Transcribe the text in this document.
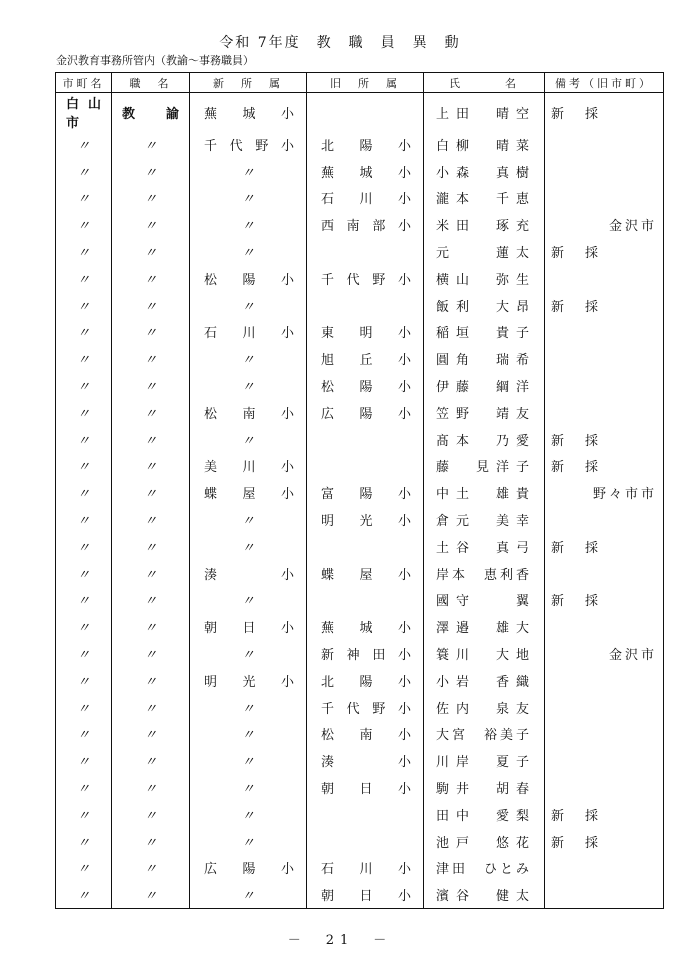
令和 7年度　教　職　員　異　動
金沢教育事務所管内（教諭～事務職員）
市町名	職　名	新　所　属	旧　所　属	氏　　　名	備考（旧市町）
白山市	教　諭	蕪城小		上田　晴空	新　採
〃	〃	千代野小	北陽小	白柳　晴菜	
〃	〃	〃	蕪城小	小森　真樹	
〃	〃	〃	石川小	瀧本　千恵	
〃	〃	〃	西南部小	米田　琢充	金沢市
〃	〃	〃		元　　蓮太	新　採
〃	〃	松陽小	千代野小	横山　弥生	
〃	〃	〃		飯利　大昂	新　採
〃	〃	石川小	東明小	稲垣　貴子	
〃	〃	〃	旭丘小	圓角　瑞希	
〃	〃	〃	松陽小	伊藤　綱洋	
〃	〃	松南小	広陽小	笠野　靖友	
〃	〃	〃		髙本　乃愛	新　採
〃	〃	美川小		藤　見洋子	新　採
〃	〃	蝶屋小	富陽小	中土　雄貴	野々市市
〃	〃	〃	明光小	倉元　美幸	
〃	〃	〃		土谷　真弓	新　採
〃	〃	湊　　小	蝶屋小	岸本　恵利香	
〃	〃	〃		國守　　翼	新　採
〃	〃	朝日小	蕪城小	澤邉　雄大	
〃	〃	〃	新神田小	簑川　大地	金沢市
〃	〃	明光小	北陽小	小岩　香織	
〃	〃	〃	千代野小	佐内　泉友	
〃	〃	〃	松南小	大宮　裕美子	
〃	〃	〃	湊　　小	川岸　夏子	
〃	〃	〃	朝日小	駒井　胡春	
〃	〃	〃		田中　愛梨	新　採
〃	〃	〃		池戸　悠花	新　採
〃	〃	広陽小	石川小	津田　ひとみ	
〃	〃	〃	朝日小	濱谷　健太	
－　21　－
